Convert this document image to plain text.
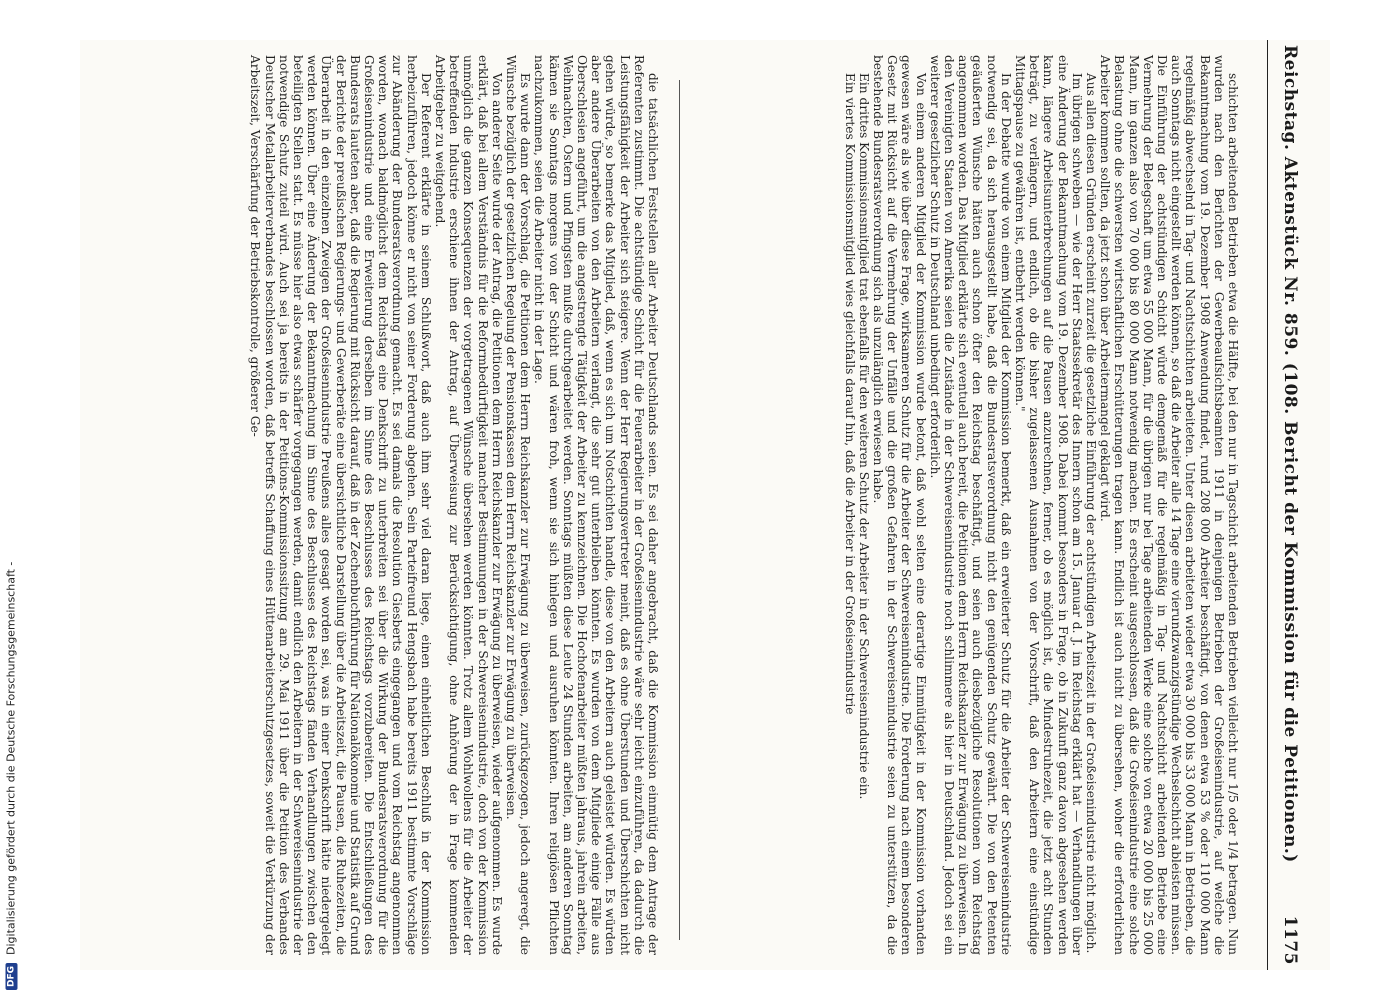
DFG
Digitalisierung gefördert durch die Deutsche Forschungsgemeinschaft -	Reichstag. Aktenstück Nr. 859. (108. Bericht der Kommission für die Petitionen.)
1175

schichten arbeitenden Betrieben etwa die Hälfte, bei den nur in Tagschicht arbeitenden Betrieben vielleicht nur 1/5 oder 1/4 betragen. Nun wurden nach den Berichten der Gewerbeaufsichtsbeamten 1911 in denjenigen Betrieben der Großeisenindustrie, auf welche die Bekanntmachung vom 19. Dezember 1908 Anwendung findet, rund 208 000 Arbeiter beschäftigt, von denen etwa 53 % oder 110 000 Mann regelmäßig abwechselnd in Tag- und Nachtschichten arbeiteten. Unter diesen arbeiteten wieder etwa 30 000 bis 33 000 Mann in Betrieben, die auch Sonntags nicht eingestellt werden können, so daß die Arbeiter alle 14 Tage eine vierundzwanzigstündige Wechselschicht ableisten müssen. Die Einführung der achtstündigen Schicht würde demgemäß für die regelmäßig in Tag- und Nachtschicht arbeitenden Betriebe eine Vermehrung der Belegschaft um etwa 55 000 Mann, für die übrigen nur bei Tage arbeitenden Werke eine solche von etwa 20 000 bis 25 000 Mann, im ganzen also von 70 000 bis 80 000 Mann notwendig machen. Es erscheint ausgeschlossen, daß die Großeisenindustrie eine solche Belastung ohne die schwersten wirtschaftlichen Erschütterungen tragen kann. Endlich ist auch nicht zu übersehen, woher die erforderlichen Arbeiter kommen sollten, da jetzt schon über Arbeitermangel geklagt wird.

Aus allen diesen Gründen erscheint zurzeit die gesetzliche Einführung der achtstündigen Arbeitszeit in der Großeisenindustrie nicht möglich.

Im übrigen schweben — wie der Herr Staatssekretär des Innern schon am 15. Januar d. J. im Reichstag erklärt hat — Verhandlungen über eine Änderung der Bekanntmachung vom 19. Dezember 1908. Dabei kommt besonders in Frage, ob in Zukunft ganz davon abgesehen werden kann, längere Arbeitsunterbrechungen auf die Pausen anzurechnen, ferner, ob es möglich ist, die Mindestruhezeit, die jetzt acht Stunden beträgt, zu verlängern, und endlich, ob die bisher zugelassenen Ausnahmen von der Vorschrift, daß den Arbeitern eine einstündige Mittagspause zu gewähren ist, entbehrt werden können."

In der Debatte wurde von einem Mitglied der Kommission bemerkt, daß ein erweiterter Schutz für die Arbeiter der Schwereisenindustrie notwendig sei, da sich herausgestellt habe, daß die Bundesratsverordnung nicht den genügenden Schutz gewährt. Die von den Petenten geäußerten Wünsche hätten auch schon öfter den Reichstag beschäftigt, und seien auch diesbezügliche Resolutionen vom Reichstag angenommen worden. Das Mitglied erklärte sich eventuell auch bereit, die Petitionen dem Herrn Reichskanzler zur Erwägung zu überweisen. In den Vereinigten Staaten von Amerika seien die Zustände in der Schwereisenindustrie noch schlimmere als hier in Deutschland. Jedoch sei ein weiterer gesetzlicher Schutz in Deutschland unbedingt erforderlich.

Von einem anderen Mitglied der Kommission wurde betont, daß wohl selten eine derartige Einmütigkeit in der Kommission vorhanden gewesen wäre als wie über diese Frage, wirksameren Schutz für die Arbeiter der Schwereisenindustrie. Die Forderung nach einem besonderen Gesetz mit Rücksicht auf die Vermehrung der Unfälle und die großen Gefahren in der Schwereisenindustrie seien zu unterstützen, da die bestehende Bundesratsverordnung sich als unzulänglich erwiesen habe.

Ein drittes Kommissionsmitglied trat ebenfalls für den weiteren Schutz der Arbeiter in der Schwereisenindustrie ein.

Ein viertes Kommissionsmitglied wies gleichfalls darauf hin, daß die Arbeiter in der Großeisenindustrie

die tatsächlichen Feststellen aller Arbeiter Deutschlands seien. Es sei daher angebracht, daß die Kommission einmütig dem Antrage der Referenten zustimmt. Die achtstündige Schicht für die Feuerarbeiter in der Großeisenindustrie wäre sehr leicht einzuführen, da dadurch die Leistungsfähigkeit der Arbeiter sich steigere. Wenn der Herr Regierungsvertreter meint, daß es ohne Überstunden und Überschichten nicht gehen würde, so bemerke das Mitglied, daß, wenn es sich um Notschichten handle, diese von den Arbeitern auch geleistet würden. Es würden aber andere Überarbeiten von den Arbeitern verlangt, die sehr gut unterbleiben könnten. Es wurden von dem Mitgliede einige Fälle aus Oberschlesien angeführt, um die angestrengte Tätigkeit der Arbeiter zu kennzeichnen. Die Hochofenarbeiter müßten jahraus, jahrein arbeiten, Weihnachten, Ostern und Pfingsten mußte durchgearbeitet werden. Sonntags müßten diese Leute 24 Stunden arbeiten, am anderen Sonntag kämen sie Sonntags morgens von der Schicht und wären froh, wenn sie sich hinlegen und ausruhen könnten. Ihren religiösen Pflichten nachzukommen, seien die Arbeiter nicht in der Lage.

Es wurde dann der Vorschlag, die Petitionen dem Herrn Reichskanzler zur Erwägung zu überweisen, zurückgezogen, jedoch angeregt, die Wünsche bezüglich der gesetzlichen Regelung der Pensionskassen dem Herrn Reichskanzler zur Erwägung zu überweisen.

Von anderer Seite wurde der Antrag, die Petitionen dem Herrn Reichskanzler zur Erwägung zu überweisen, wieder aufgenommen. Es wurde erklärt, daß bei allem Verständnis für die Reformbedürftigkeit mancher Bestimmungen in der Schwereisenindustrie, doch von der Kommission unmöglich die ganzen Konsequenzen der vorgetragenen Wünsche übersehen werden könnten. Trotz allem Wohlwollens für die Arbeiter der betreffenden Industrie erschiene ihnen der Antrag, auf Überweisung zur Berücksichtigung, ohne Anhörung der in Frage kommenden Arbeitgeber zu weitgehend.

Der Referent erklärte in seinem Schlußwort, daß auch ihm sehr viel daran liege, einen einheitlichen Beschluß in der Kommission herbeizuführen, jedoch könne er nicht von seiner Forderung abgehen. Sein Parteifreund Hengsbach habe bereits 1911 bestimmte Vorschläge zur Abänderung der Bundesratsverordnung gemacht. Es sei damals die Resolution Giesberts eingegangen und vom Reichstag angenommen worden, wonach baldmöglichst dem Reichstag eine Denkschrift zu unterbreiten sei über die Wirkung der Bundesratsverordnung für die Großeisenindustrie und eine Erweiterung derselben im Sinne des Beschlusses des Reichstags vorzubereiten. Die Entschließungen des Bundesrats lauteten aber, daß die Regierung mit Rücksicht darauf, daß in der Zechenbuchführung für Nationalökonomie und Statistik auf Grund der Berichte der preußischen Regierungs- und Gewerberäte eine übersichtliche Darstellung über die Arbeitszeit, die Pausen, die Ruhezeiten, die Überarbeit in den einzelnen Zweigen der Großeisenindustrie Preußens alles gesagt worden sei, was in einer Denkschrift hätte niedergelegt werden können. Über eine Änderung der Bekanntmachung im Sinne des Beschlusses des Reichstags fänden Verhandlungen zwischen den beteiligten Stellen statt. Es müsse hier also etwas schärfer vorgegangen werden, damit endlich den Arbeitern in der Schwereisenindustrie der notwendige Schutz zuteil wird. Auch sei ja bereits in der Petitions-Kommissionssitzung am 29. Mai 1911 über die Petition des Verbandes Deutscher Metallarbeiterverbandes beschlossen worden, daß betreffs Schaffung eines Hüttenarbeiterschutzgesetzes, soweit die Verkürzung der Arbeitszeit, Verschärfung der Betriebskontrolle, größerer Ge-
